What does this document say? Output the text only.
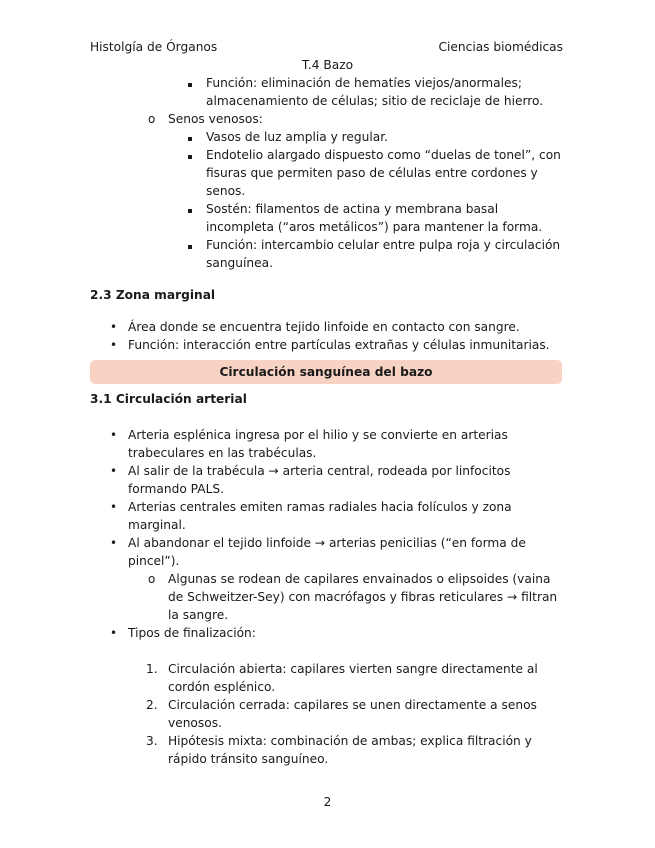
Histolgía de Órganos	Ciencias biomédicas
T.4 Bazo
Función: eliminación de hematíes viejos/anormales; almacenamiento de células; sitio de reciclaje de hierro.
o Senos venosos:
Vasos de luz amplia y regular.
Endotelio alargado dispuesto como “duelas de tonel”, con fisuras que permiten paso de células entre cordones y senos.
Sostén: filamentos de actina y membrana basal incompleta (“aros metálicos”) para mantener la forma.
Función: intercambio celular entre pulpa roja y circulación sanguínea.
2.3 Zona marginal
• Área donde se encuentra tejido linfoide en contacto con sangre.
• Función: interacción entre partículas extrañas y células inmunitarias.
Circulación sanguínea del bazo
3.1 Circulación arterial
• Arteria esplénica ingresa por el hilio y se convierte en arterias trabeculares en las trabéculas.
• Al salir de la trabécula → arteria central, rodeada por linfocitos formando PALS.
• Arterias centrales emiten ramas radiales hacia folículos y zona marginal.
• Al abandonar el tejido linfoide → arterias penicilias (“en forma de pincel”).
o Algunas se rodean de capilares envainados o elipsoides (vaina de Schweitzer-Sey) con macrófagos y fibras reticulares → filtran la sangre.
• Tipos de finalización:
1. Circulación abierta: capilares vierten sangre directamente al cordón esplénico.
2. Circulación cerrada: capilares se unen directamente a senos venosos.
3. Hipótesis mixta: combinación de ambas; explica filtración y rápido tránsito sanguíneo.
2
